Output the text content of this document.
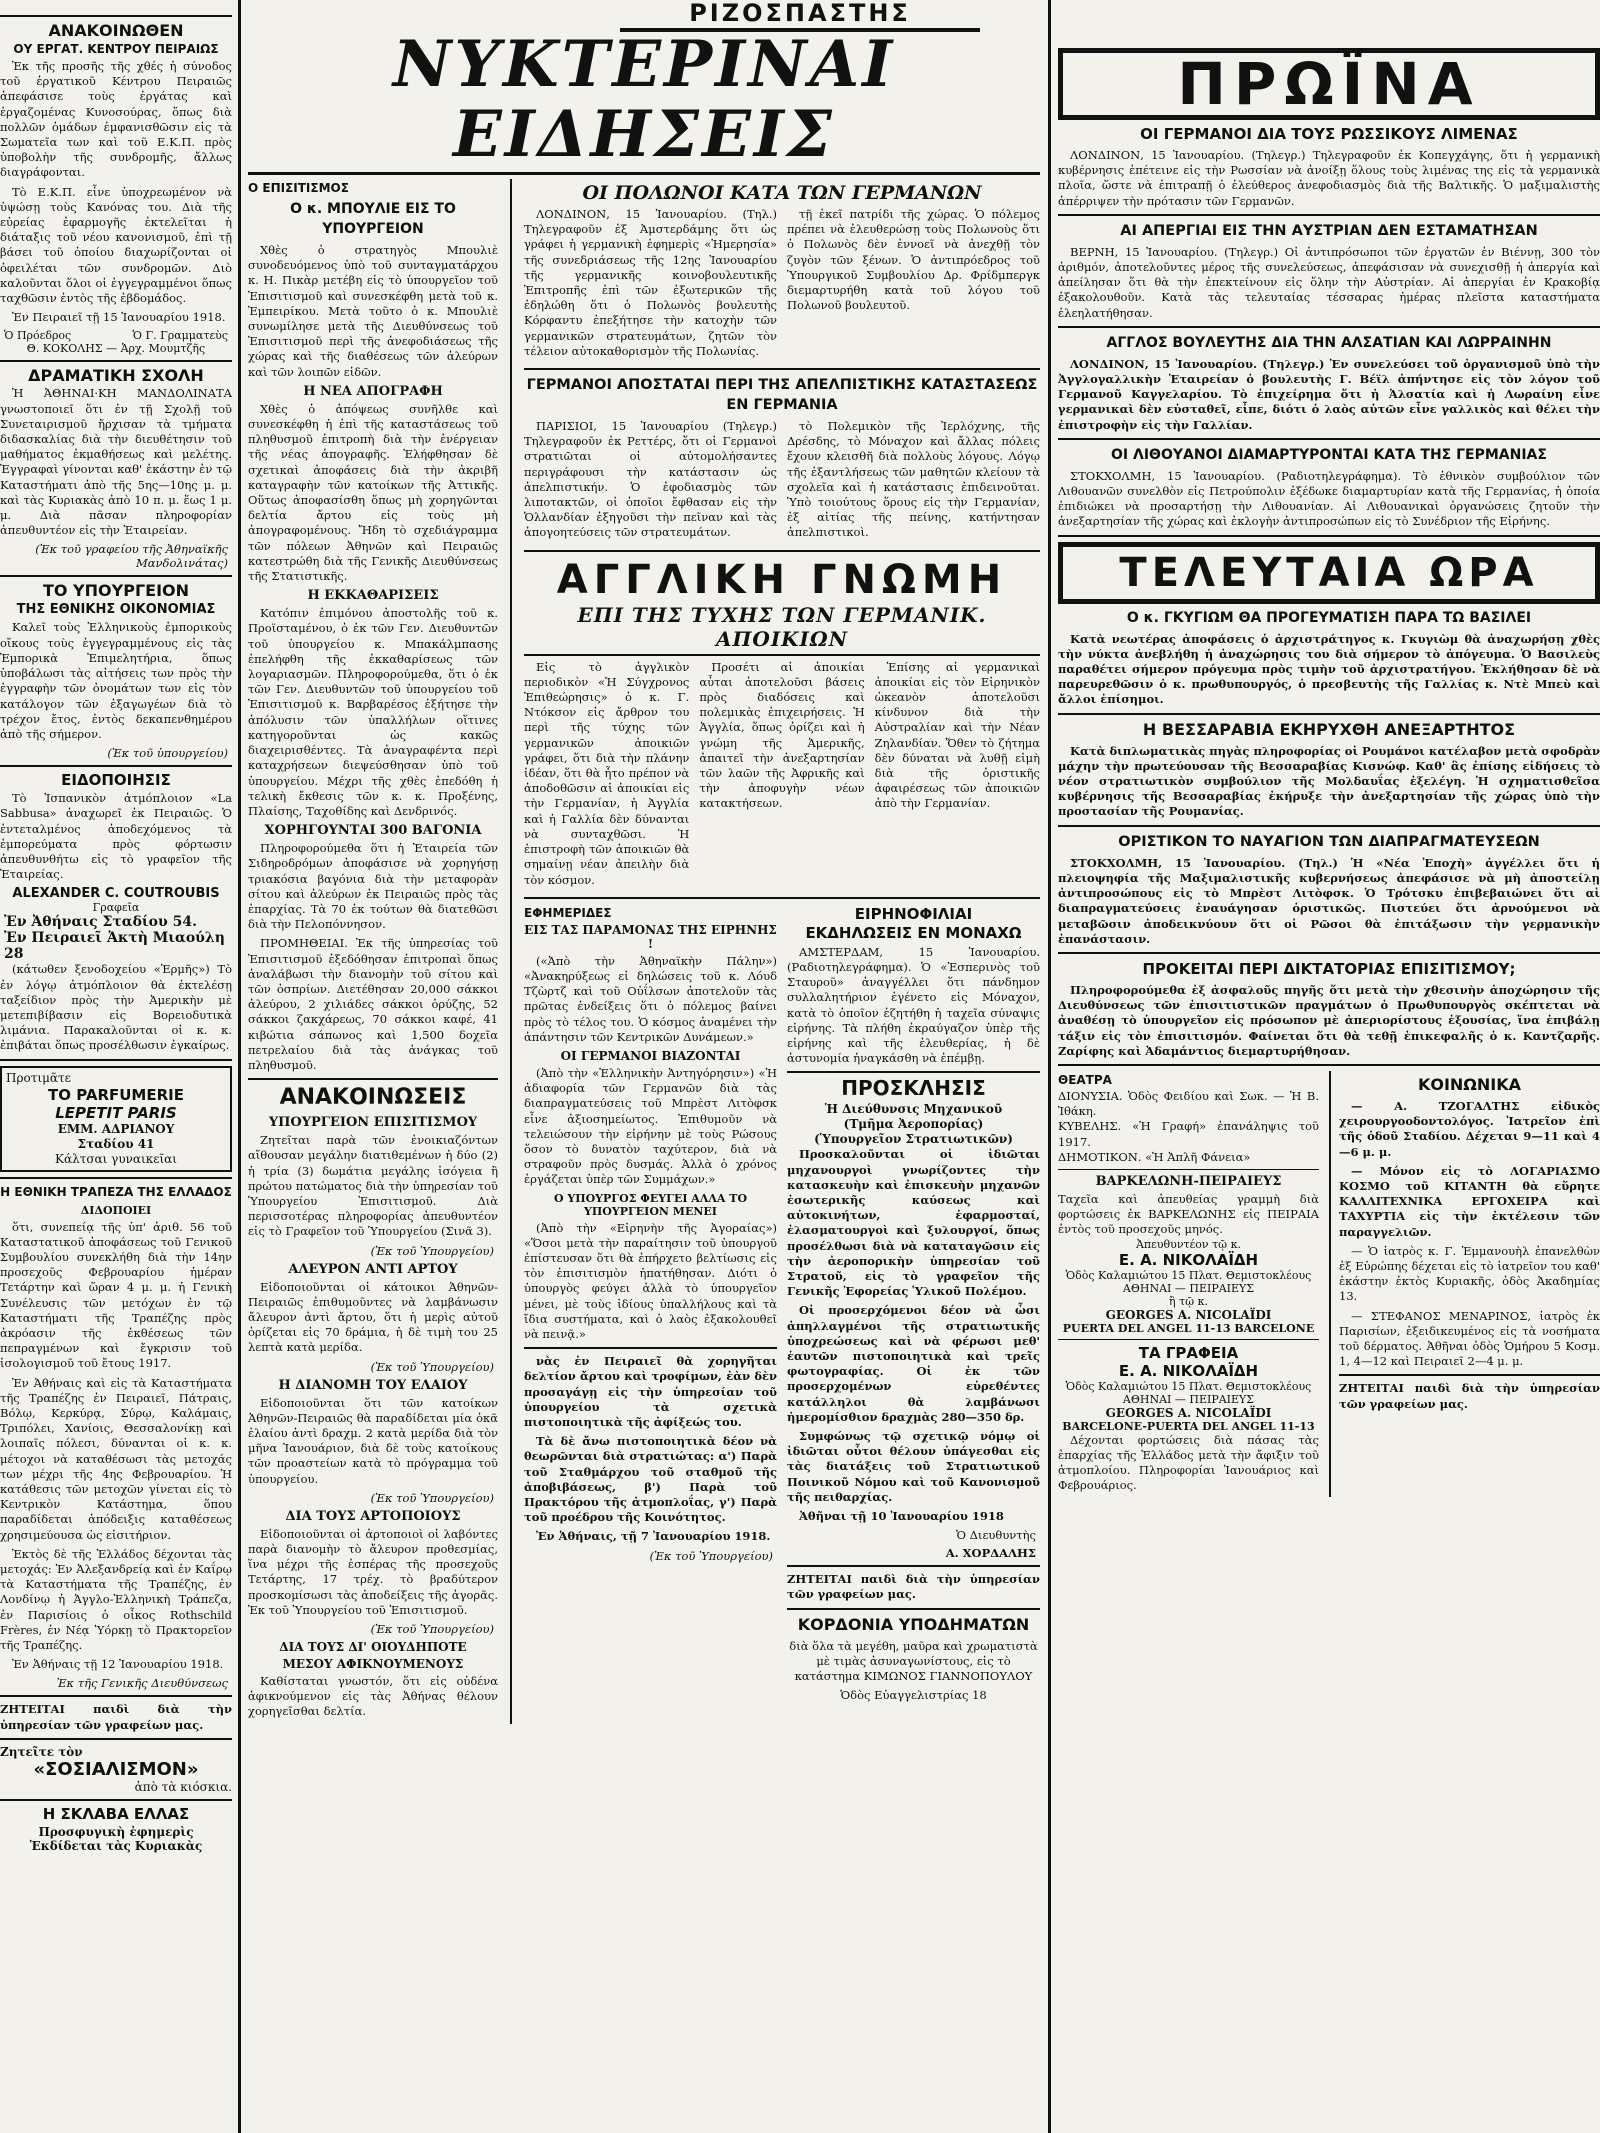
ΡΙΖΟΣΠΑΣΤΗΣ
ΑΝΑΚΟΙΝΩΘΕΝ
ΟΥ ΕΡΓΑΤ. ΚΕΝΤΡΟΥ ΠΕΙΡΑΙΩΣ

Ἐκ τῆς προσῆς τῆς χθές ἡ σύνοδος τοῦ ἐργατικοῦ Κέντρου Πειραιῶς ἀπεφάσισε τοὺς ἐργάτας καὶ ἐργαζομένας Κυνοσούρας, ὅπως διὰ πολλῶν ὁμάδων ἐμφανισθῶσιν εἰς τὰ Σωματεῖα των καὶ τοῦ Ε.Κ.Π. πρὸς ὑποβολὴν τῆς συνδρομῆς, ἄλλως διαγράφονται.

Τὸ Ε.Κ.Π. εἶνε ὑποχρεωμένον νὰ ὑψώσῃ τοὺς Κανόνας του. Διὰ τῆς εὐρείας ἐφαρμογῆς ἐκτελεῖται ἡ διάταξις τοῦ νέου κανονισμοῦ, ἐπὶ τῇ βάσει τοῦ ὁποίου διαχωρίζονται οἱ ὀφειλέται τῶν συνδρομῶν. Διὸ καλοῦνται ὅλοι οἱ ἐγγεγραμμένοι ὅπως ταχθῶσιν ἐντὸς τῆς ἐβδομάδος.

Ἐν Πειραιεῖ τῇ 15 Ἰανουαρίου 1918.

Ὁ Πρόεδρος	Ὁ Γ. Γραμματεὺς
Θ. ΚΟΚΟΛΗΣ — Ἀρχ. Μουμτζῆς
ΔΡΑΜΑΤΙΚΗ ΣΧΟΛΗ

Ἡ ἈΘΗΝΑΙ·ΚΗ ΜΑΝΔΟΛΙΝΑΤΑ γνωστοποιεῖ ὅτι ἐν τῇ Σχολῇ τοῦ Συνεταιρισμοῦ ἤρχισαν τὰ τμήματα διδασκαλίας διὰ τὴν διευθέτησιν τοῦ μαθήματος ἐκμαθήσεως καὶ μελέτης. Ἐγγραφαὶ γίνονται καθ' ἑκάστην ἐν τῷ Καταστήματι ἀπὸ τῆς 5ης—10ης μ. μ. καὶ τὰς Κυριακὰς ἀπὸ 10 π. μ. ἕως 1 μ. μ. Διὰ πᾶσαν πληροφορίαν ἀπευθυντέον εἰς τὴν Ἑταιρείαν.

(Ἐκ τοῦ γραφείου τῆς Ἀθηναϊκῆς Μανδολινάτας)
ΤΟ ΥΠΟΥΡΓΕΙΟΝ
ΤΗΣ ΕΘΝΙΚΗΣ ΟΙΚΟΝΟΜΙΑΣ

Καλεῖ τοὺς Ἑλληνικοὺς ἐμπορικοὺς οἴκους τοὺς ἐγγεγραμμένους εἰς τὰς Ἐμπορικὰ Ἐπιμελητήρια, ὅπως ὑποβάλωσι τὰς αἰτήσεις των πρὸς τὴν ἐγγραφὴν τῶν ὀνομάτων των εἰς τὸν κατάλογον τῶν ἐξαγωγέων διὰ τὸ τρέχον ἔτος, ἐντὸς δεκαπενθημέρου ἀπὸ τῆς σήμερον.

(Ἐκ τοῦ ὑπουργείου)
ΕΙΔΟΠΟΙΗΣΙΣ

Τὸ Ἰσπανικὸν ἀτμόπλοιον «La Sabbusa» ἀναχωρεῖ ἐκ Πειραιῶς. Ὁ ἐντεταλμένος ἀποδεχόμενος τὰ ἐμπορεύματα πρὸς φόρτωσιν ἀπευθυνθήτω εἰς τὸ γραφεῖον τῆς Ἑταιρείας.

ALEXANDER C. COUTROUBIS
Γραφεῖα
Ἐν Ἀθήναις Σταδίου 54.
Ἐν Πειραιεῖ Ἀκτὴ Μιαούλη 28

(κάτωθεν ξενοδοχείου «Ἐρμῆς») Τὸ ἐν λόγῳ ἀτμόπλοιον θὰ ἐκτελέσῃ ταξείδιον πρὸς τὴν Ἀμερικὴν μὲ μετεπιβίβασιν εἰς Βορειοδυτικὰ λιμάνια. Παρακαλοῦνται οἱ κ. κ. ἐπιβάται ὅπως προσέλθωσιν ἐγκαίρως.

Προτιμᾶτε
ΤΟ PARFUMERIE
LEPETIT PARIS
ΕΜΜ. ΑΔΡΙΑΝΟΥ
Σταδίου 41
Κάλτσαι γυναικεῖαι
Η ΕΘΝΙΚΗ ΤΡΑΠΕΖΑ ΤΗΣ ΕΛΛΑΔΟΣ
ΔΙΔΟΠΟΙΕΙ

ὅτι, συνεπείᾳ τῆς ὑπ' ἀριθ. 56 τοῦ Καταστατικοῦ ἀποφάσεως τοῦ Γενικοῦ Συμβουλίου συνεκλήθη διὰ τὴν 14ην προσεχοῦς Φεβρουαρίου ἡμέραν Τετάρτην καὶ ὥραν 4 μ. μ. ἡ Γενικὴ Συνέλευσις τῶν μετόχων ἐν τῷ Καταστήματι τῆς Τραπέζης πρὸς ἀκρόασιν τῆς ἐκθέσεως τῶν πεπραγμένων καὶ ἔγκρισιν τοῦ ἰσολογισμοῦ τοῦ ἔτους 1917.

Ἐν Ἀθήναις καὶ εἰς τὰ Καταστήματα τῆς Τραπέζης ἐν Πειραιεῖ, Πάτραις, Βόλῳ, Κερκύρᾳ, Σύρῳ, Καλάμαις, Τριπόλει, Χανίοις, Θεσσαλονίκῃ καὶ λοιπαῖς πόλεσι, δύνανται οἱ κ. κ. μέτοχοι νὰ καταθέσωσι τὰς μετοχάς των μέχρι τῆς 4ης Φεβρουαρίου. Ἡ κατάθεσις τῶν μετοχῶν γίνεται εἰς τὸ Κεντρικὸν Κατάστημα, ὅπου παραδίδεται ἀπόδειξις καταθέσεως χρησιμεύουσα ὡς εἰσιτήριον.

Ἐκτὸς δὲ τῆς Ἑλλάδος δέχονται τὰς μετοχάς: Ἐν Ἀλεξανδρείᾳ καὶ ἐν Καΐρῳ τὰ Καταστήματα τῆς Τραπέζης, ἐν Λονδίνῳ ἡ Ἀγγλο-Ἑλληνικὴ Τράπεζα, ἐν Παρισίοις ὁ οἶκος Rothschild Frères, ἐν Νέᾳ Ὑόρκῃ τὸ Πρακτορεῖον τῆς Τραπέζης.

Ἐν Ἀθήναις τῇ 12 Ἰανουαρίου 1918.

Ἐκ τῆς Γενικῆς Διευθύνσεως

ΖΗΤΕΙΤΑΙ παιδὶ διὰ τὴν ὑπηρεσίαν τῶν γραφείων μας.

Ζητεῖτε τὸν
«ΣΟΣΙΑΛΙΣΜΟΝ»
ἀπὸ τὰ κιόσκια.
Η ΣΚΛΑΒΑ ΕΛΛΑΣ
Προσφυγικὴ ἐφημερὶς
Ἐκδίδεται τὰς Κυριακὰς
ΝΥΚΤΕΡΙΝΑΙ ΕΙΔΗΣΕΙΣ
Ο ΕΠΙΣΙΤΙΣΜΟΣ
Ο κ. ΜΠΟΥΛΙΕ ΕΙΣ ΤΟ ΥΠΟΥΡΓΕΙΟΝ

Χθὲς ὁ στρατηγὸς Μπουλιὲ συνοδευόμενος ὑπὸ τοῦ συνταγματάρχου κ. Η. Πικὰρ μετέβη εἰς τὸ ὑπουργεῖον τοῦ Ἐπισιτισμοῦ καὶ συνεσκέφθη μετὰ τοῦ κ. Ἐμπειρίκου. Μετὰ τοῦτο ὁ κ. Μπουλιὲ συνωμίλησε μετὰ τῆς Διευθύνσεως τοῦ Ἐπισιτισμοῦ περὶ τῆς ἀνεφοδιάσεως τῆς χώρας καὶ τῆς διαθέσεως τῶν ἀλεύρων καὶ τῶν λοιπῶν εἰδῶν.

Η ΝΕΑ ΑΠΟΓΡΑΦΗ

Χθὲς ὁ ἀπόψεως συνῆλθε καὶ συνεσκέφθη ἡ ἐπὶ τῆς καταστάσεως τοῦ πληθυσμοῦ ἐπιτροπὴ διὰ τὴν ἐνέργειαν τῆς νέας ἀπογραφῆς. Ἐλήφθησαν δὲ σχετικαὶ ἀποφάσεις διὰ τὴν ἀκριβῆ καταγραφὴν τῶν κατοίκων τῆς Ἀττικῆς. Οὕτως ἀποφασίσθη ὅπως μὴ χορηγῶνται δελτία ἄρτου εἰς τοὺς μὴ ἀπογραφομένους. Ἤδη τὸ σχεδιάγραμμα τῶν πόλεων Ἀθηνῶν καὶ Πειραιῶς κατεστρώθη διὰ τῆς Γενικῆς Διευθύνσεως τῆς Στατιστικῆς.

Η ΕΚΚΑΘΑΡΙΣΕΙΣ

Κατόπιν ἐπιμόνου ἀποστολῆς τοῦ κ. Προϊσταμένου, ὁ ἐκ τῶν Γεν. Διευθυντῶν τοῦ ὑπουργείου κ. Μπακάλμπασης ἐπελήφθη τῆς ἐκκαθαρίσεως τῶν λογαριασμῶν. Πληροφορούμεθα, ὅτι ὁ ἐκ τῶν Γεν. Διευθυντῶν τοῦ ὑπουργείου τοῦ Ἐπισιτισμοῦ κ. Βαρβαρέσος ἐξήτησε τὴν ἀπόλυσιν τῶν ὑπαλλήλων οἵτινες κατηγοροῦνται ὡς κακῶς διαχειρισθέντες. Τὰ ἀναγραφέντα περὶ καταχρήσεων διεψεύσθησαν ὑπὸ τοῦ ὑπουργείου. Μέχρι τῆς χθὲς ἐπεδόθη ἡ τελικὴ ἔκθεσις τῶν κ. κ. Προξένης, Πλαίσης, Ταχοθίδης καὶ Δενδρινός.

ΧΟΡΗΓΟΥΝΤΑΙ 300 ΒΑΓΟΝΙΑ

Πληροφορούμεθα ὅτι ἡ Ἑταιρεία τῶν Σιδηροδρόμων ἀποφάσισε νὰ χορηγήσῃ τριακόσια βαγόνια διὰ τὴν μεταφορὰν σίτου καὶ ἀλεύρων ἐκ Πειραιῶς πρὸς τὰς ἐπαρχίας. Τὰ 70 ἐκ τούτων θὰ διατεθῶσι διὰ τὴν Πελοπόννησον.

ΠΡΟΜΗΘΕΙΑΙ. Ἐκ τῆς ὑπηρεσίας τοῦ Ἐπισιτισμοῦ ἐξεδόθησαν ἐπιτροπαὶ ὅπως ἀναλάβωσι τὴν διανομὴν τοῦ σίτου καὶ τῶν ὀσπρίων. Διετέθησαν 20,000 σάκκοι ἀλεύρου, 2 χιλιάδες σάκκοι ὀρύζης, 52 σάκκοι ζακχάρεως, 70 σάκκοι καφέ, 41 κιβώτια σάπωνος καὶ 1,500 δοχεῖα πετρελαίου διὰ τὰς ἀνάγκας τοῦ πληθυσμοῦ.

ΑΝΑΚΟΙΝΩΣΕΙΣ
ΥΠΟΥΡΓΕΙΟΝ ΕΠΙΣΙΤΙΣΜΟΥ

Ζητεῖται παρὰ τῶν ἐνοικιαζόντων αἴθουσαν μεγάλην διατιθεμένων ἡ δύο (2) ἡ τρία (3) δωμάτια μεγάλης ἰσόγεια ἢ πρώτου πατώματος διὰ τὴν ὑπηρεσίαν τοῦ Ὑπουργείου Ἐπισιτισμοῦ. Διὰ περισσοτέρας πληροφορίας ἀπευθυντέον εἰς τὸ Γραφεῖον τοῦ Ὑπουργείου (Σινᾶ 3).

(Ἐκ τοῦ Ὑπουργείου)
ΑΛΕΥΡΟΝ ΑΝΤΙ ΑΡΤΟΥ

Εἰδοποιοῦνται οἱ κάτοικοι Ἀθηνῶν-Πειραιῶς ἐπιθυμοῦντες νὰ λαμβάνωσιν ἄλευρον ἀντὶ ἄρτου, ὅτι ἡ μερὶς αὐτοῦ ὁρίζεται εἰς 70 δράμια, ἡ δὲ τιμὴ του 25 λεπτὰ κατὰ μερίδα.

(Ἐκ τοῦ Ὑπουργείου)
Η ΔΙΑΝΟΜΗ ΤΟΥ ΕΛΑΙΟΥ

Εἰδοποιοῦνται ὅτι τῶν κατοίκων Ἀθηνῶν-Πειραιῶς θὰ παραδίδεται μία ὀκᾶ ἐλαίου ἀντὶ δραχμ. 2 κατὰ μερίδα διὰ τὸν μῆνα Ἰανουάριον, διὰ δὲ τοὺς κατοίκους τῶν προαστείων κατὰ τὸ πρόγραμμα τοῦ ὑπουργείου.

(Ἐκ τοῦ Ὑπουργείου)
ΔΙΑ ΤΟΥΣ ΑΡΤΟΠΟΙΟΥΣ

Εἰδοποιοῦνται οἱ ἀρτοποιοὶ οἱ λαβόντες παρὰ διανομὴν τὸ ἄλευρον προθεσμίας, ἵνα μέχρι τῆς ἐσπέρας τῆς προσεχοῦς Τετάρτης, 17 τρέχ. τὸ βραδύτερον προσκομίσωσι τὰς ἀποδείξεις τῆς ἀγορᾶς. Ἐκ τοῦ Ὑπουργείου τοῦ Ἐπισιτισμοῦ.

(Ἐκ τοῦ Ὑπουργείου)
ΔΙΑ ΤΟΥΣ ΔΙ' ΟΙΟΥΔΗΠΟΤΕ
ΜΕΣΟΥ ΑΦΙΚΝΟΥΜΕΝΟΥΣ

Καθίσταται γνωστόν, ὅτι εἰς οὐδένα ἀφικνούμενον εἰς τὰς Ἀθήνας θέλουν χορηγεῖσθαι δελτία.

ΟΙ ΠΟΛΩΝΟΙ ΚΑΤΑ ΤΩΝ ΓΕΡΜΑΝΩΝ

ΛΟΝΔΙΝΟΝ, 15 Ἰανουαρίου. (Τηλ.) Τηλεγραφοῦν ἐξ Ἀμστερδάμης ὅτι ὡς γράφει ἡ γερμανικὴ ἐφημερὶς «Ἡμερησία» τῆς συνεδριάσεως τῆς 12ης Ἰανουαρίου τῆς γερμανικῆς κοινοβουλευτικῆς Ἐπιτροπῆς ἐπὶ τῶν ἐξωτερικῶν τῆς ἐδηλώθη ὅτι ὁ Πολωνὸς βουλευτὴς Κόρφαντυ ἐπεξήτησε τὴν κατοχὴν τῶν γερμανικῶν στρατευμάτων, ζητῶν τὸν τέλειον αὐτοκαθορισμὸν τῆς Πολωνίας.

τῇ ἐκεῖ πατρίδι τῆς χώρας. Ὁ πόλεμος πρέπει νὰ ἐλευθερώσῃ τοὺς Πολωνοὺς ὅτι ὁ Πολωνὸς δὲν ἐννοεῖ νὰ ἀνεχθῇ τὸν ζυγὸν τῶν ξένων. Ὁ ἀντιπρόεδρος τοῦ Ὑπουργικοῦ Συμβουλίου Δρ. Φρίδμπεργκ διεμαρτυρήθη κατὰ τοῦ λόγου τοῦ Πολωνοῦ βουλευτοῦ.

ΓΕΡΜΑΝΟΙ ΑΠΟΣΤΑΤΑΙ ΠΕΡΙ ΤΗΣ ΑΠΕΛΠΙΣΤΙΚΗΣ ΚΑΤΑΣΤΑΣΕΩΣ ΕΝ ΓΕΡΜΑΝΙΑ

ΠΑΡΙΣΙΟΙ, 15 Ἰανουαρίου (Τηλεγρ.) Τηλεγραφοῦν ἐκ Ρεττέρς, ὅτι οἱ Γερμανοὶ στρατιῶται οἱ αὐτομολήσαντες περιγράφουσι τὴν κατάστασιν ὡς ἀπελπιστικήν. Ὁ ἐφοδιασμὸς τῶν λιποτακτῶν, οἱ ὁποῖοι ἔφθασαν εἰς τὴν Ὁλλανδίαν ἐξηγοῦσι τὴν πεῖναν καὶ τὰς ἀπογοητεύσεις τῶν στρατευμάτων.

τὸ Πολεμικὸν τῆς Ἰερλόχνης, τῆς Δρέσδης, τὸ Μόναχον καὶ ἄλλας πόλεις ἔχουν κλεισθῆ διὰ πολλοὺς λόγους. Λόγῳ τῆς ἐξαντλήσεως τῶν μαθητῶν κλείουν τὰ σχολεῖα καὶ ἡ κατάστασις ἐπιδεινοῦται. Ὑπὸ τοιούτους ὅρους εἰς τὴν Γερμανίαν, ἐξ αἰτίας τῆς πείνης, κατήντησαν ἀπελπιστικοὶ.

ΑΓΓΛΙΚΗ ΓΝΩΜΗ
ΕΠΙ ΤΗΣ ΤΥΧΗΣ ΤΩΝ ΓΕΡΜΑΝΙΚ. ΑΠΟΙΚΙΩΝ

Εἰς τὸ ἀγγλικὸν περιοδικὸν «Ἡ Σύγχρονος Ἐπιθεώρησις» ὁ κ. Γ. Ντόκσον εἰς ἄρθρον του περὶ τῆς τύχης τῶν γερμανικῶν ἀποικιῶν γράφει, ὅτι διὰ τὴν πλάνην ἰδέαν, ὅτι θὰ ἦτο πρέπον νὰ ἀποδοθῶσιν αἱ ἀποικίαι εἰς τὴν Γερμανίαν, ἡ Ἀγγλία καὶ ἡ Γαλλία δὲν δύνανται νὰ συνταχθῶσι. Ἡ ἐπιστροφὴ τῶν ἀποικιῶν θὰ σημαίνῃ νέαν ἀπειλὴν διὰ τὸν κόσμον.

Προσέτι αἱ ἀποικίαι αὗται ἀποτελοῦσι βάσεις πρὸς διαδόσεις καὶ πολεμικὰς ἐπιχειρήσεις. Ἡ Ἀγγλία, ὅπως ὁρίζει καὶ ἡ γνώμη τῆς Ἀμερικῆς, ἀπαιτεῖ τὴν ἀνεξαρτησίαν τῶν λαῶν τῆς Ἀφρικῆς καὶ τὴν ἀποφυγὴν νέων κατακτήσεων.

Ἐπίσης αἱ γερμανικαὶ ἀποικίαι εἰς τὸν Εἰρηνικὸν ὠκεανὸν ἀποτελοῦσι κίνδυνον διὰ τὴν Αὐστραλίαν καὶ τὴν Νέαν Ζηλανδίαν. Ὅθεν τὸ ζήτημα δὲν δύναται νὰ λυθῇ εἰμὴ διὰ τῆς ὁριστικῆς ἀφαιρέσεως τῶν ἀποικιῶν ἀπὸ τὴν Γερμανίαν.

ΕΦΗΜΕΡΙΔΕΣ
ΕΙΣ ΤΑΣ ΠΑΡΑΜΟΝΑΣ ΤΗΣ ΕΙΡΗΝΗΣ !

(«Ἀπὸ τὴν Ἀθηναϊκὴν Πάλην») «Ἀνακηρύξεως εἰ δηλώσεις τοῦ κ. Λόυδ Τζὼρτζ καὶ τοῦ Οὐΐλσων ἀποτελοῦν τὰς πρῶτας ἐνδείξεις ὅτι ὁ πόλεμος βαίνει πρὸς τὸ τέλος του. Ὁ κόσμος ἀναμένει τὴν ἀπάντησιν τῶν Κεντρικῶν Δυνάμεων.»

ΟΙ ΓΕΡΜΑΝΟΙ ΒΙΑΖΟΝΤΑΙ

(Ἀπὸ τὴν «Ἑλληνικὴν Ἀντηγόρησιν») «Ἡ ἀδιαφορία τῶν Γερμανῶν διὰ τὰς διαπραγματεύσεις τοῦ Μπρὲστ Λιτὸφσκ εἶνε ἀξιοσημείωτος. Ἐπιθυμοῦν νὰ τελειώσουν τὴν εἰρήνην μὲ τοὺς Ρώσους ὅσον τὸ δυνατὸν ταχύτερον, διὰ νὰ στραφοῦν πρὸς δυσμάς. Ἀλλὰ ὁ χρόνος ἐργάζεται ὑπὲρ τῶν Συμμάχων.»

Ο ΥΠΟΥΡΓΟΣ ΦΕΥΓΕΙ ΑΛΛΑ ΤΟ ΥΠΟΥΡΓΕΙΟΝ ΜΕΝΕΙ

(Ἀπὸ τὴν «Εἰρηνὴν τῆς Ἀγοραίας») «Ὅσοι μετὰ τὴν παραίτησιν τοῦ ὑπουργοῦ ἐπίστευσαν ὅτι θὰ ἐπήρχετο βελτίωσις εἰς τὸν ἐπισιτισμὸν ἠπατήθησαν. Διότι ὁ ὑπουργὸς φεύγει ἀλλὰ τὸ ὑπουργεῖον μένει, μὲ τοὺς ἰδίους ὑπαλλήλους καὶ τὰ ἴδια συστήματα, καὶ ὁ λαὸς ἐξακολουθεῖ νὰ πεινᾷ.»

νὰς ἐν Πειραιεῖ θὰ χορηγῆται δελτίον ἄρτου καὶ τροφίμων, ἐὰν δὲν προσαγάγῃ εἰς τὴν ὑπηρεσίαν τοῦ ὑπουργείου τὰ σχετικὰ πιστοποιητικὰ τῆς ἀφίξεώς του.

Τὰ δὲ ἄνω πιστοποιητικὰ δέον νὰ θεωρῶνται διὰ στρατιώτας: α') Παρὰ τοῦ Σταθμάρχου τοῦ σταθμοῦ τῆς ἀποβιβάσεως, β') Παρὰ τοῦ Πρακτόρου τῆς ἀτμοπλοΐας, γ') Παρὰ τοῦ προέδρου τῆς Κοινότητος.

Ἐν Ἀθήναις, τῇ 7 Ἰανουαρίου 1918.

(Ἐκ τοῦ Ὑπουργείου)
ΕΙΡΗΝΟΦΙΛΙΑΙ
ΕΚΔΗΛΩΣΕΙΣ ΕΝ ΜΟΝΑΧΩ

ΑΜΣΤΕΡΔΑΜ, 15 Ἰανουαρίου. (Ραδιοτηλεγράφημα). Ὁ «Ἐσπερινὸς τοῦ Σταυροῦ» ἀναγγέλλει ὅτι πάνδημον συλλαλητήριον ἐγένετο εἰς Μόναχον, κατὰ τὸ ὁποῖον ἐζητήθη ἡ ταχεῖα σύναψις εἰρήνης. Τὰ πλήθη ἐκραύγαζον ὑπὲρ τῆς εἰρήνης καὶ τῆς ἐλευθερίας, ἡ δὲ ἀστυνομία ἠναγκάσθη νὰ ἐπέμβῃ.

ΠΡΟΣΚΛΗΣΙΣ
Ἡ Διεύθυνσις Μηχανικοῦ
(Τμῆμα Ἀεροπορίας)
(Ὑπουργεῖον Στρατιωτικῶν)

Προσκαλοῦνται οἱ ἰδιῶται μηχανουργοὶ γνωρίζοντες τὴν κατασκευὴν καὶ ἐπισκευὴν μηχανῶν ἐσωτερικῆς καύσεως καὶ αὐτοκινήτων, ἐφαρμοσταί, ἐλασματουργοὶ καὶ ξυλουργοί, ὅπως προσέλθωσι διὰ νὰ καταταγῶσιν εἰς τὴν ἀεροπορικὴν ὑπηρεσίαν τοῦ Στρατοῦ, εἰς τὸ γραφεῖον τῆς Γενικῆς Ἐφορείας Ὑλικοῦ Πολέμου.

Οἱ προσερχόμενοι δέον νὰ ὦσι ἀπηλλαγμένοι τῆς στρατιωτικῆς ὑποχρεώσεως καὶ νὰ φέρωσι μεθ' ἑαυτῶν πιστοποιητικὰ καὶ τρεῖς φωτογραφίας. Οἱ ἐκ τῶν προσερχομένων εὑρεθέντες κατάλληλοι θὰ λαμβάνωσι ἡμερομίσθιον δραχμὰς 280—350 δρ.

Συμφώνως τῷ σχετικῷ νόμῳ οἱ ἰδιῶται οὗτοι θέλουν ὑπάγεσθαι εἰς τὰς διατάξεις τοῦ Στρατιωτικοῦ Ποινικοῦ Νόμου καὶ τοῦ Κανονισμοῦ τῆς πειθαρχίας.

Ἀθῆναι τῇ 10 Ἰανουαρίου 1918

Ὁ Διευθυντὴς
Α. ΧΟΡΔΑΛΗΣ

ΖΗΤΕΙΤΑΙ παιδὶ διὰ τὴν ὑπηρεσίαν τῶν γραφείων μας.

ΚΟΡΔΟΝΙΑ ΥΠΟΔΗΜΑΤΩΝ

διὰ ὅλα τὰ μεγέθη, μαῦρα καὶ χρωματιστὰ μὲ τιμὰς ἀσυναγωνίστους, εἰς τὸ κατάστημα ΚΙΜΩΝΟΣ ΓΙΑΝΝΟΠΟΥΛΟΥ

Ὁδὸς Εὐαγγελιστρίας 18
ΠΡΩΪΝΑ
ΟΙ ΓΕΡΜΑΝΟΙ ΔΙΑ ΤΟΥΣ ΡΩΣΣΙΚΟΥΣ ΛΙΜΕΝΑΣ

ΛΟΝΔΙΝΟΝ, 15 Ἰανουαρίου. (Τηλεγρ.) Τηλεγραφοῦν ἐκ Κοπεγχάγης, ὅτι ἡ γερμανικὴ κυβέρνησις ἐπέτεινε εἰς τὴν Ρωσσίαν νὰ ἀνοίξῃ ὅλους τοὺς λιμένας της εἰς τὰ γερμανικὰ πλοῖα, ὥστε νὰ ἐπιτραπῇ ὁ ἐλεύθερος ἀνεφοδιασμὸς διὰ τῆς Βαλτικῆς. Ὁ μαξιμαλιστὴς ἀπέρριψεν τὴν πρότασιν τῶν Γερμανῶν.

ΑΙ ΑΠΕΡΓΙΑΙ ΕΙΣ ΤΗΝ ΑΥΣΤΡΙΑΝ ΔΕΝ ΕΣΤΑΜΑΤΗΣΑΝ

ΒΕΡΝΗ, 15 Ἰανουαρίου. (Τηλεγρ.) Οἱ ἀντιπρόσωποι τῶν ἐργατῶν ἐν Βιέννῃ, 300 τὸν ἀριθμόν, ἀποτελοῦντες μέρος τῆς συνελεύσεως, ἀπεφάσισαν νὰ συνεχισθῇ ἡ ἀπεργία καὶ ἀπείλησαν ὅτι θὰ τὴν ἐπεκτείνουν εἰς ὅλην τὴν Αὐστρίαν. Αἱ ἀπεργίαι ἐν Κρακοβίᾳ ἐξακολουθοῦν. Κατὰ τὰς τελευταίας τέσσαρας ἡμέρας πλεῖστα καταστήματα ἐλεηλατήθησαν.

ΑΓΓΛΟΣ ΒΟΥΛΕΥΤΗΣ ΔΙΑ ΤΗΝ ΑΛΣΑΤΙΑΝ ΚΑΙ ΛΩΡΡΑΙΝΗΝ

ΛΟΝΔΙΝΟΝ, 15 Ἰανουαρίου. (Τηλεγρ.) Ἐν συνελεύσει τοῦ ὀργανισμοῦ ὑπὸ τὴν Ἀγγλογαλλικὴν Ἑταιρείαν ὁ βουλευτὴς Γ. Βέϊλ ἀπήντησε εἰς τὸν λόγον τοῦ Γερμανοῦ Καγγελαρίου. Τὸ ἐπιχείρημα ὅτι ἡ Ἀλσατία καὶ ἡ Λωραίνη εἶνε γερμανικαὶ δὲν εὐσταθεῖ, εἶπε, διότι ὁ λαὸς αὐτῶν εἶνε γαλλικὸς καὶ θέλει τὴν ἐπιστροφὴν εἰς τὴν Γαλλίαν.

ΟΙ ΛΙΘΟΥΑΝΟΙ ΔΙΑΜΑΡΤΥΡΟΝΤΑΙ ΚΑΤΑ ΤΗΣ ΓΕΡΜΑΝΙΑΣ

ΣΤΟΚΧΟΛΜΗ, 15 Ἰανουαρίου. (Ραδιοτηλεγράφημα). Τὸ ἐθνικὸν συμβούλιον τῶν Λιθουανῶν συνελθὸν εἰς Πετρούπολιν ἐξέδωκε διαμαρτυρίαν κατὰ τῆς Γερμανίας, ἡ ὁποία ἐπιδιώκει νὰ προσαρτήσῃ τὴν Λιθουανίαν. Αἱ Λιθουανικαὶ ὀργανώσεις ζητοῦν τὴν ἀνεξαρτησίαν τῆς χώρας καὶ ἐκλογὴν ἀντιπροσώπων εἰς τὸ Συνέδριον τῆς Εἰρήνης.

ΤΕΛΕΥΤΑΙΑ ΩΡΑ
Ο κ. ΓΚΥΓΙΩΜ ΘΑ ΠΡΟΓΕΥΜΑΤΙΣΗ ΠΑΡΑ ΤΩ ΒΑΣΙΛΕΙ

Κατὰ νεωτέρας ἀποφάσεις ὁ ἀρχιστράτηγος κ. Γκυγιὼμ θὰ ἀναχωρήσῃ χθὲς τὴν νύκτα ἀνεβλήθη ἡ ἀναχώρησις του διὰ σήμερον τὸ ἀπόγευμα. Ὁ Βασιλεὺς παραθέτει σήμερον πρόγευμα πρὸς τιμὴν τοῦ ἀρχιστρατήγου. Ἐκλήθησαν δὲ νὰ παρευρεθῶσιν ὁ κ. πρωθυπουργός, ὁ πρεσβευτὴς τῆς Γαλλίας κ. Ντὲ Μπεὺ καὶ ἄλλοι ἐπίσημοι.

Η ΒΕΣΣΑΡΑΒΙΑ ΕΚΗΡΥΧΘΗ ΑΝΕΞΑΡΤΗΤΟΣ

Κατὰ διπλωματικὰς πηγὰς πληροφορίας οἱ Ρουμάνοι κατέλαβον μετὰ σφοδρὰν μάχην τὴν πρωτεύουσαν τῆς Βεσσαραβίας Κισνώφ. Καθ' ἃς ἐπίσης εἰδήσεις τὸ νέον στρατιωτικὸν συμβούλιον τῆς Μολδαυΐας ἐξελέγη. Ἡ σχηματισθεῖσα κυβέρνησις τῆς Βεσσαραβίας ἐκήρυξε τὴν ἀνεξαρτησίαν τῆς χώρας ὑπὸ τὴν προστασίαν τῆς Ρουμανίας.

ΟΡΙΣΤΙΚΟΝ ΤΟ ΝΑΥΑΓΙΟΝ ΤΩΝ ΔΙΑΠΡΑΓΜΑΤΕΥΣΕΩΝ

ΣΤΟΚΧΟΛΜΗ, 15 Ἰανουαρίου. (Τηλ.) Ἡ «Νέα Ἐποχὴ» ἀγγέλλει ὅτι ἡ πλειοψηφία τῆς Μαξιμαλιστικῆς κυβερνήσεως ἀπεφάσισε νὰ μὴ ἀποστείλῃ ἀντιπροσώπους εἰς τὸ Μπρὲστ Λιτὸφσκ. Ὁ Τρότσκυ ἐπιβεβαιώνει ὅτι αἱ διαπραγματεύσεις ἐναυάγησαν ὁριστικῶς. Πιστεύει ὅτι ἀρνούμενοι νὰ μεταβῶσιν ἀποδεικνύουν ὅτι οἱ Ρῶσοι θὰ ἐπιτάξωσιν τὴν γερμανικὴν ἐπανάστασιν.

ΠΡΟΚΕΙΤΑΙ ΠΕΡΙ ΔΙΚΤΑΤΟΡΙΑΣ ΕΠΙΣΙΤΙΣΜΟΥ;

Πληροφορούμεθα ἐξ ἀσφαλοῦς πηγῆς ὅτι μετὰ τὴν χθεσινὴν ἀποχώρησιν τῆς Διευθύνσεως τῶν ἐπισιτιστικῶν πραγμάτων ὁ Πρωθυπουργὸς σκέπτεται νὰ ἀναθέσῃ τὸ ὑπουργεῖον εἰς πρόσωπον μὲ ἀπεριορίστους ἐξουσίας, ἵνα ἐπιβάλῃ τάξιν εἰς τὸν ἐπισιτισμόν. Φαίνεται ὅτι θὰ τεθῇ ἐπικεφαλῆς ὁ κ. Καντζαρῆς. Ζαρίφης καὶ Ἀδαμάντιος διεμαρτυρήθησαν.

ΘΕΑΤΡΑ

ΔΙΟΝΥΣΙΑ. Ὁδὸς Φειδίου καὶ Σωκ. — Ἡ Β. Ἰθάκη.

ΚΥΒΕΛΗΣ. «Ἡ Γραφή» ἐπανάληψις τοῦ 1917.

ΔΗΜΟΤΙΚΟΝ. «Ἡ Ἀπλῆ Φάνεια»

ΒΑΡΚΕΛΩΝΗ-ΠΕΙΡΑΙΕΥΣ

Ταχεῖα καὶ ἀπευθείας γραμμὴ διὰ φορτώσεις ἐκ ΒΑΡΚΕΛΩΝΗΣ εἰς ΠΕΙΡΑΙΑ ἐντὸς τοῦ προσεχοῦς μηνός.

Ἀπευθυντέον τῷ κ.
Ε. Α. ΝΙΚΟΛΑΪΔΗ
Ὁδὸς Καλαμιώτου 15 Πλατ. Θεμιστοκλέους ΑΘΗΝΑΙ — ΠΕΙΡΑΙΕΥΣ
ἢ τῷ κ.
GEORGES A. NICOLAÏDI
PUERTA DEL ANGEL 11-13 BARCELONE
ΤΑ ΓΡΑΦΕΙΑ
Ε. Α. ΝΙΚΟΛΑΪΔΗ
Ὁδὸς Καλαμιώτου 15 Πλατ. Θεμιστοκλέους ΑΘΗΝΑΙ — ΠΕΙΡΑΙΕΥΣ
GEORGES A. NICOLAÏDI
BARCELONE-PUERTA DEL ANGEL 11-13

Δέχονται φορτώσεις διὰ πάσας τὰς ἐπαρχίας τῆς Ἑλλάδος μετὰ τὴν ἄφιξιν τοῦ ἀτμοπλοίου. Πληροφορίαι Ἰανουάριος καὶ Φεβρουάριος.

ΚΟΙΝΩΝΙΚΑ

— Α. ΤΖΟΓΑΛΤΗΣ εἰδικὸς χειρουργοοδοντολόγος. Ἰατρεῖον ἐπὶ τῆς ὁδοῦ Σταδίου. Δέχεται 9—11 καὶ 4—6 μ. μ.

— Μόνον εἰς τὸ ΛΟΓΑΡΙΑΣΜΟ ΚΟΣΜΟ τοῦ ΚΙΤΑΝΤΗ θὰ εὕρητε ΚΑΛΛΙΤΕΧΝΙΚΑ ΕΡΓΟΧΕΙΡΑ καὶ ΤΑΧΥΡΤΙΑ εἰς τὴν ἐκτέλεσιν τῶν παραγγελιῶν.

— Ὁ ἰατρὸς κ. Γ. Ἐμμανουὴλ ἐπανελθὼν ἐξ Εὐρώπης δέχεται εἰς τὸ ἰατρεῖον του καθ' ἑκάστην ἐκτὸς Κυριακῆς, ὁδὸς Ἀκαδημίας 13.

— ΣΤΕΦΑΝΟΣ ΜΕΝΑΡΙΝΟΣ, ἰατρὸς ἐκ Παρισίων, ἐξειδικευμένος εἰς τὰ νοσήματα τοῦ δέρματος. Ἀθῆναι ὁδὸς Ὁμήρου 5 Κοσμ. 1, 4—12 καὶ Πειραιεῖ 2—4 μ. μ.

ΖΗΤΕΙΤΑΙ παιδὶ διὰ τὴν ὑπηρεσίαν τῶν γραφείων μας.
